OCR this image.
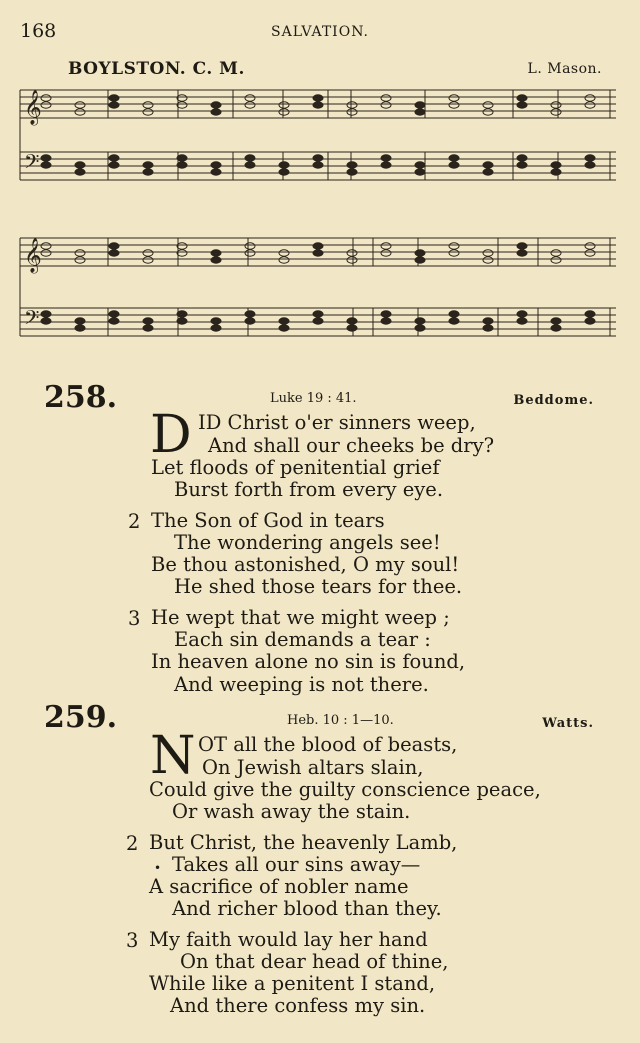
168	SALVATION.
BOYLSTON. C. M.	L. Mason.
𝄞
𝄢
𝄞
𝄢
258.	Luke 19 : 41.	Beddome.
D ID Christ o'er sinners weep,
And shall our cheeks be dry?
Let floods of penitential grief
Burst forth from every eye.
2 The Son of God in tears
The wondering angels see!
Be thou astonished, O my soul!
He shed those tears for thee.
3 He wept that we might weep ;
Each sin demands a tear :
In heaven alone no sin is found,
And weeping is not there.
259.	Heb. 10 : 1—10.	Watts.
N OT all the blood of beasts,
On Jewish altars slain,
Could give the guilty conscience peace,
Or wash away the stain.
2 But Christ, the heavenly Lamb,
• Takes all our sins away—
A sacrifice of nobler name
And richer blood than they.
3 My faith would lay her hand
On that dear head of thine,
While like a penitent I stand,
And there confess my sin.
